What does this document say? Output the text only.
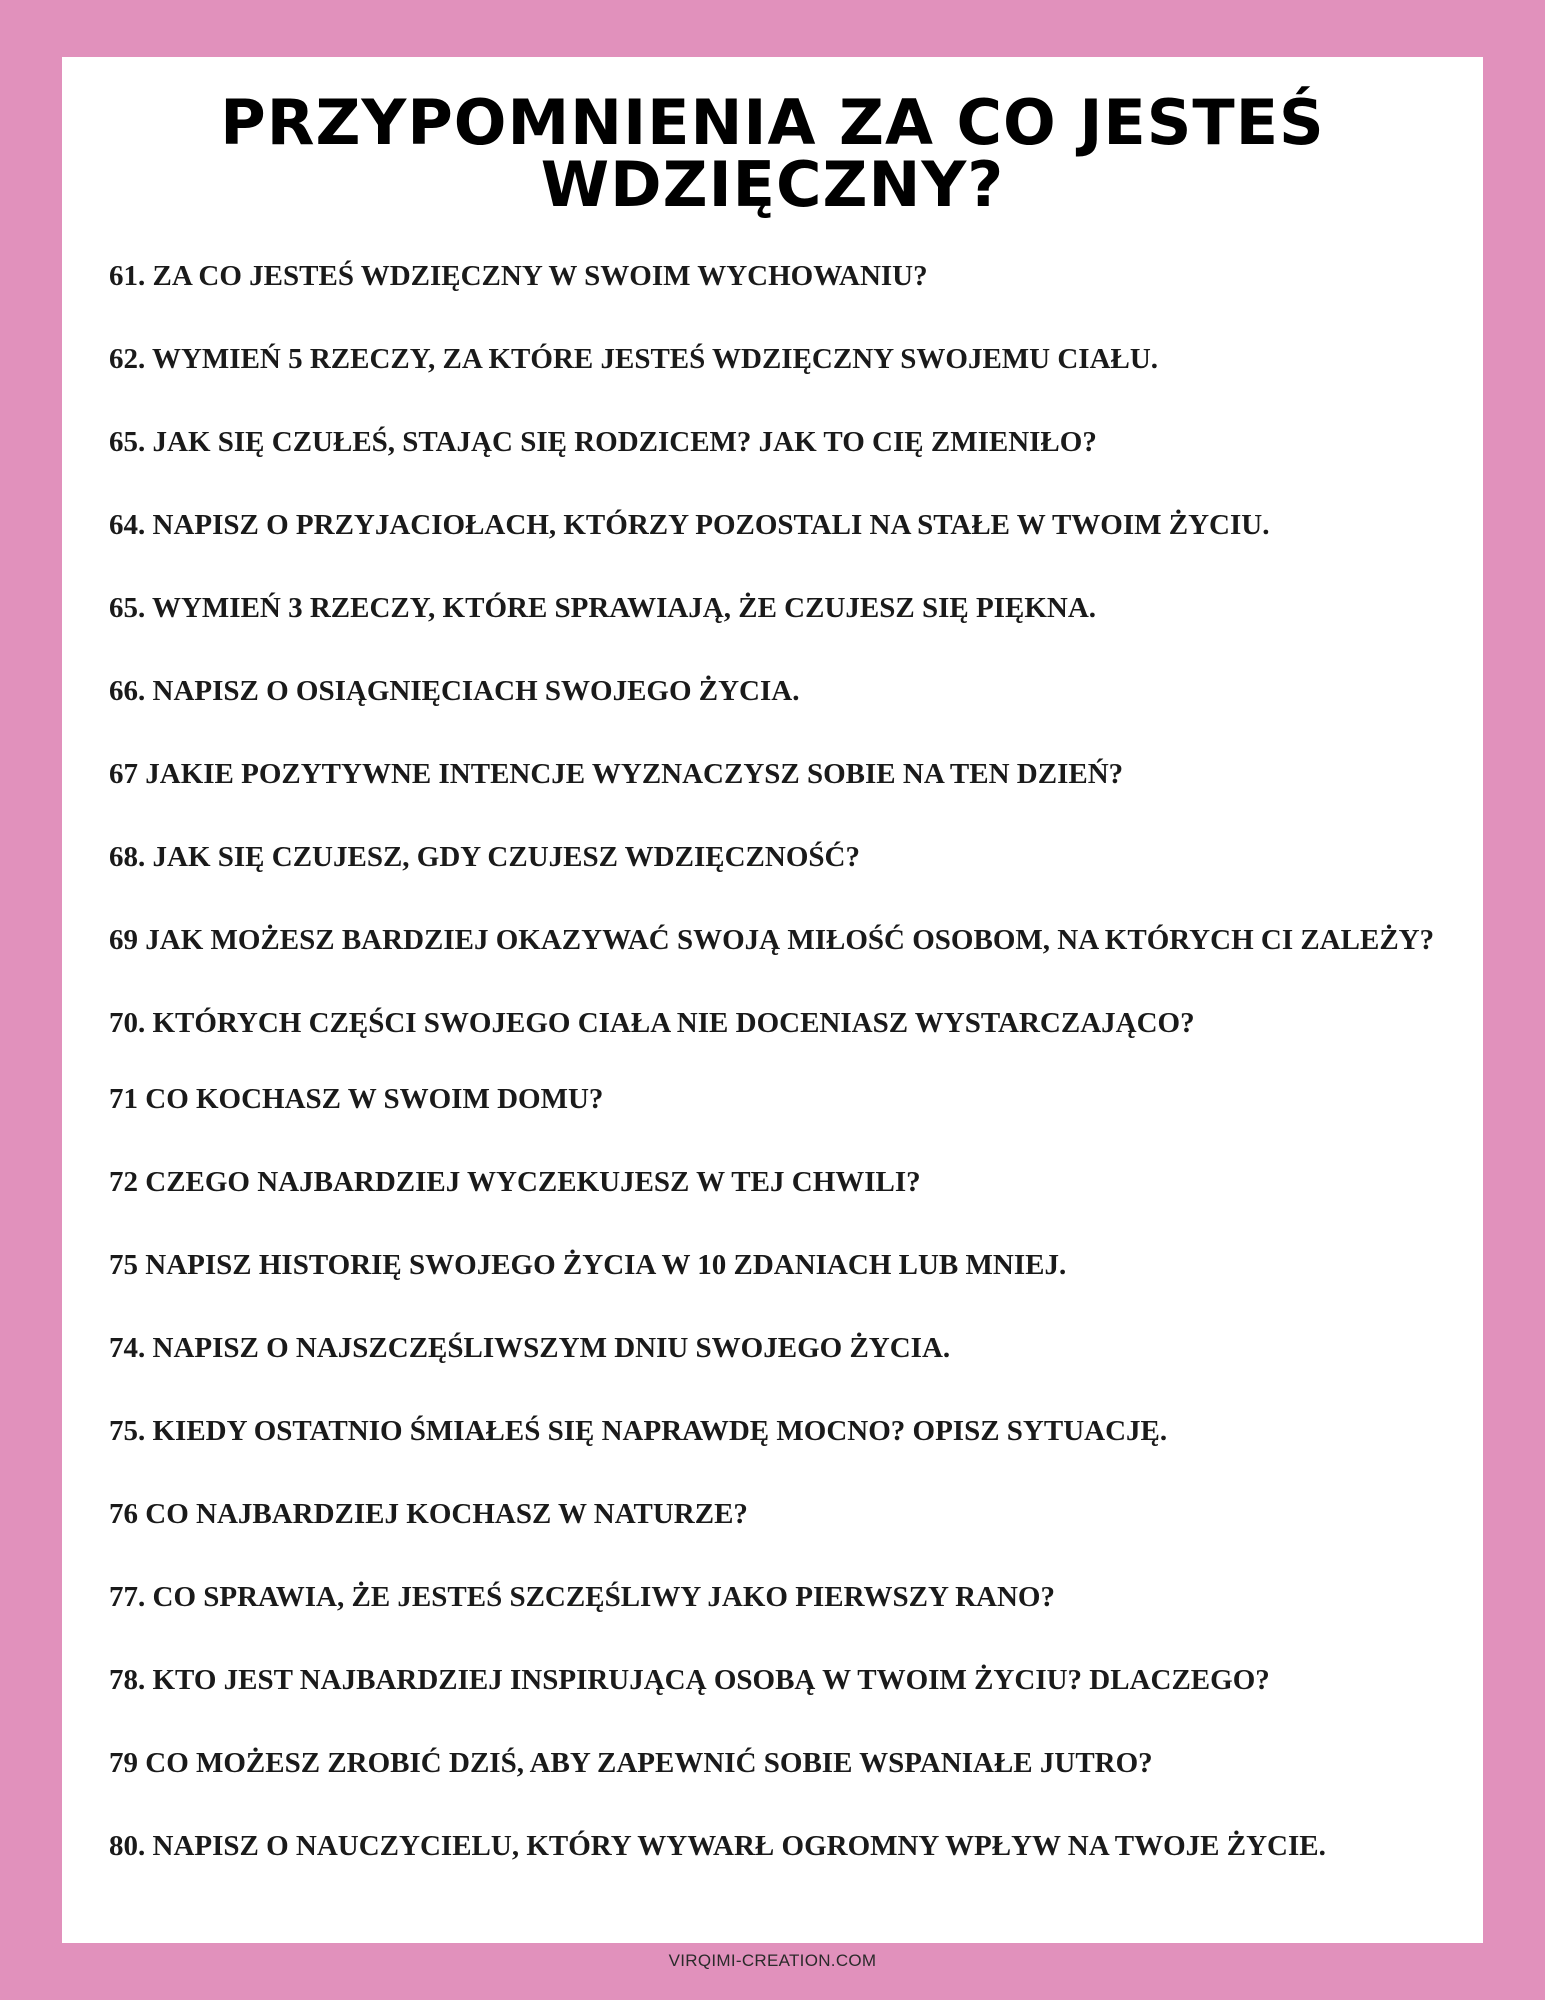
PRZYPOMNIENIA ZA CO JESTEŚ WDZIĘCZNY?

61. ZA CO JESTEŚ WDZIĘCZNY W SWOIM WYCHOWANIU?

62. WYMIEŃ 5 RZECZY, ZA KTÓRE JESTEŚ WDZIĘCZNY SWOJEMU CIAŁU.

65. JAK SIĘ CZUŁEŚ, STAJĄC SIĘ RODZICEM? JAK TO CIĘ ZMIENIŁO?

64. NAPISZ O PRZYJACIOŁACH, KTÓRZY POZOSTALI NA STAŁE W TWOIM ŻYCIU.

65. WYMIEŃ 3 RZECZY, KTÓRE SPRAWIAJĄ, ŻE CZUJESZ SIĘ PIĘKNA.

66. NAPISZ O OSIĄGNIĘCIACH SWOJEGO ŻYCIA.

67 JAKIE POZYTYWNE INTENCJE WYZNACZYSZ SOBIE NA TEN DZIEŃ?

68. JAK SIĘ CZUJESZ, GDY CZUJESZ WDZIĘCZNOŚĆ?

69 JAK MOŻESZ BARDZIEJ OKAZYWAĆ SWOJĄ MIŁOŚĆ OSOBOM, NA KTÓRYCH CI ZALEŻY?

70. KTÓRYCH CZĘŚCI SWOJEGO CIAŁA NIE DOCENIASZ WYSTARCZAJĄCO?

71 CO KOCHASZ W SWOIM DOMU?

72 CZEGO NAJBARDZIEJ WYCZEKUJESZ W TEJ CHWILI?

75 NAPISZ HISTORIĘ SWOJEGO ŻYCIA W 10 ZDANIACH LUB MNIEJ.

74. NAPISZ O NAJSZCZĘŚLIWSZYM DNIU SWOJEGO ŻYCIA.

75. KIEDY OSTATNIO ŚMIAŁEŚ SIĘ NAPRAWDĘ MOCNO? OPISZ SYTUACJĘ.

76 CO NAJBARDZIEJ KOCHASZ W NATURZE?

77. CO SPRAWIA, ŻE JESTEŚ SZCZĘŚLIWY JAKO PIERWSZY RANO?

78. KTO JEST NAJBARDZIEJ INSPIRUJĄCĄ OSOBĄ W TWOIM ŻYCIU? DLACZEGO?

79 CO MOŻESZ ZROBIĆ DZIŚ, ABY ZAPEWNIĆ SOBIE WSPANIAŁE JUTRO?

80. NAPISZ O NAUCZYCIELU, KTÓRY WYWARŁ OGROMNY WPŁYW NA TWOJE ŻYCIE.

VIRQIMI-CREATION.COM
